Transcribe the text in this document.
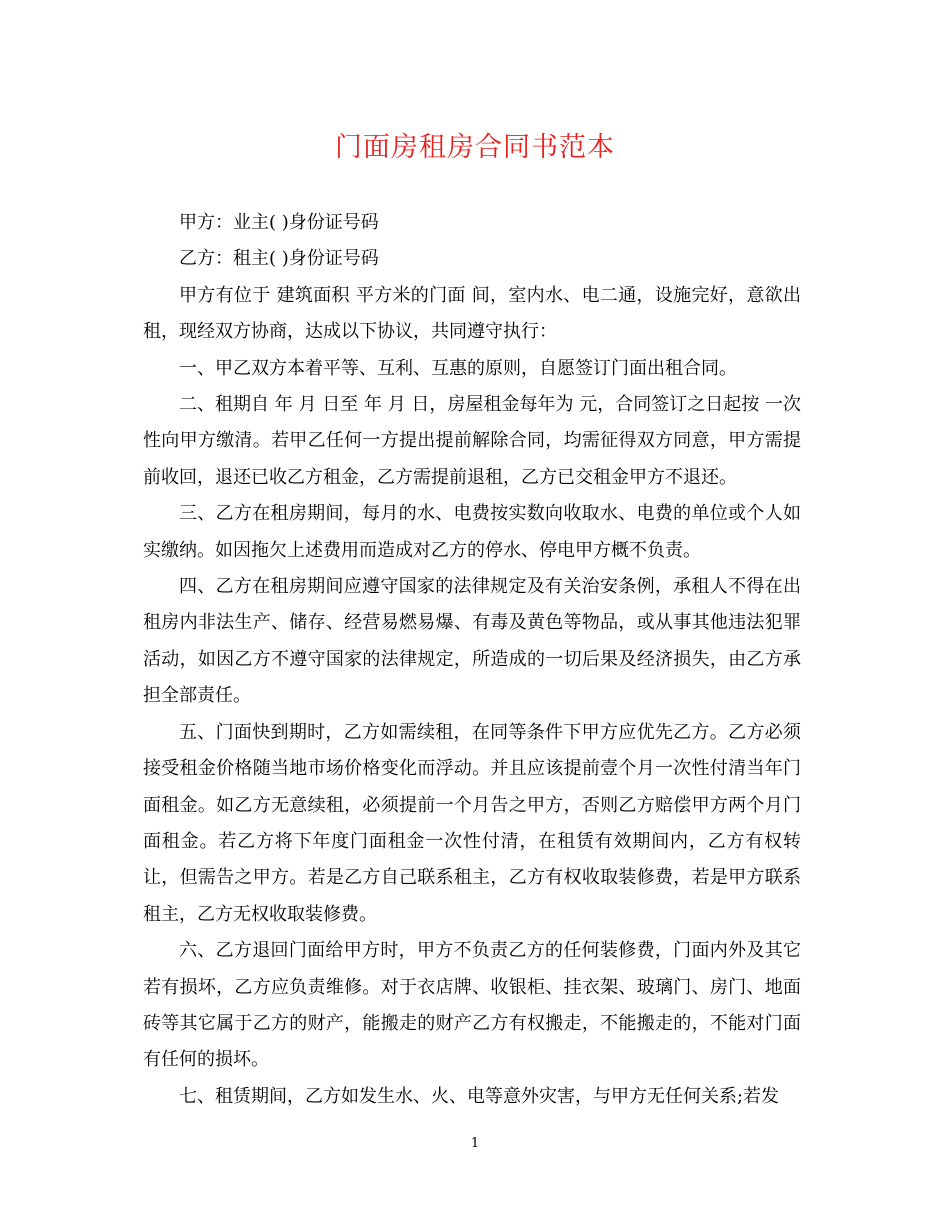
门面房租房合同书范本

甲方：业主( )身份证号码

乙方：租主( )身份证号码

甲方有位于 建筑面积 平方米的门面 间，室内水、电二通，设施完好，意欲出租，现经双方协商，达成以下协议，共同遵守执行：

一、甲乙双方本着平等、互利、互惠的原则，自愿签订门面出租合同。

二、租期自 年 月 日至 年 月 日，房屋租金每年为 元，合同签订之日起按 一次性向甲方缴清。若甲乙任何一方提出提前解除合同，均需征得双方同意，甲方需提前收回，退还已收乙方租金，乙方需提前退租，乙方已交租金甲方不退还。

三、乙方在租房期间，每月的水、电费按实数向收取水、电费的单位或个人如实缴纳。如因拖欠上述费用而造成对乙方的停水、停电甲方概不负责。

四、乙方在租房期间应遵守国家的法律规定及有关治安条例，承租人不得在出租房内非法生产、储存、经营易燃易爆、有毒及黄色等物品，或从事其他违法犯罪活动，如因乙方不遵守国家的法律规定，所造成的一切后果及经济损失，由乙方承担全部责任。

五、门面快到期时，乙方如需续租，在同等条件下甲方应优先乙方。乙方必须接受租金价格随当地市场价格变化而浮动。并且应该提前壹个月一次性付清当年门面租金。如乙方无意续租，必须提前一个月告之甲方，否则乙方赔偿甲方两个月门面租金。若乙方将下年度门面租金一次性付清，在租赁有效期间内，乙方有权转让，但需告之甲方。若是乙方自己联系租主，乙方有权收取装修费，若是甲方联系租主，乙方无权收取装修费。

六、乙方退回门面给甲方时，甲方不负责乙方的任何装修费，门面内外及其它若有损坏，乙方应负责维修。对于衣店牌、收银柜、挂衣架、玻璃门、房门、地面砖等其它属于乙方的财产，能搬走的财产乙方有权搬走，不能搬走的，不能对门面有任何的损坏。

七、租赁期间，乙方如发生水、火、电等意外灾害，与甲方无任何关系;若发

1
